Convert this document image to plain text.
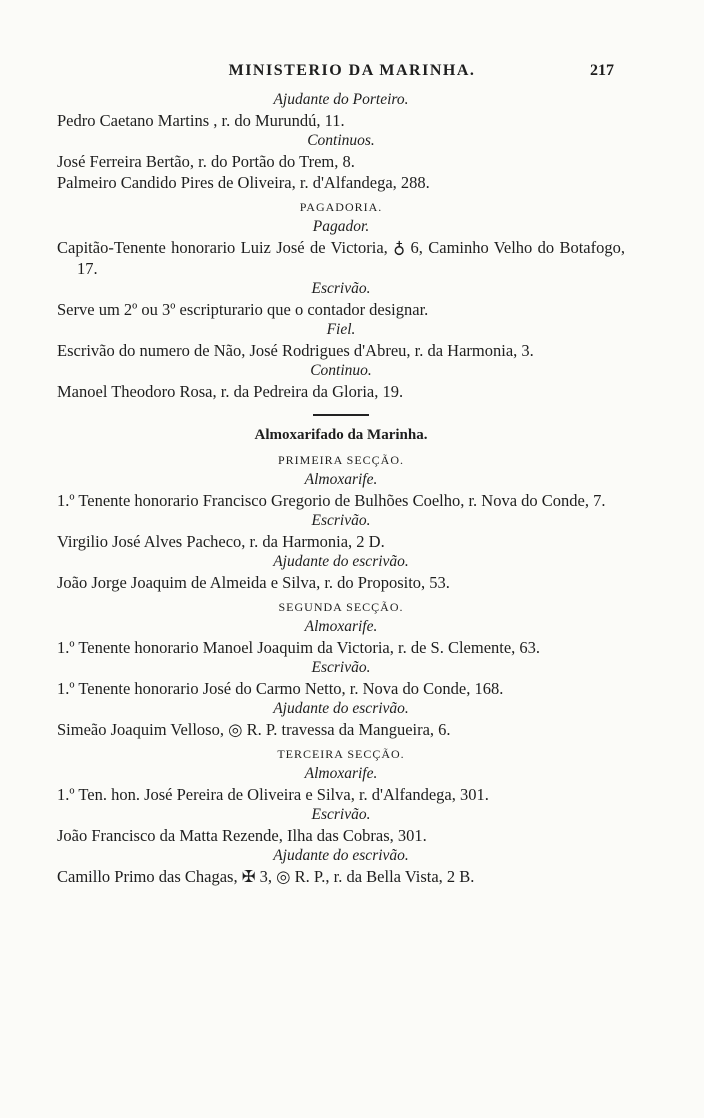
MINISTERIO DA MARINHA.	217
Ajudante do Porteiro.
Pedro Caetano Martins , r. do Murundú, 11.
Continuos.
José Ferreira Bertão, r. do Portão do Trem, 8.
Palmeiro Candido Pires de Oliveira, r. d'Alfandega, 288.
PAGADORIA.
Pagador.
Capitão-Tenente honorario Luiz José de Victoria, ♁ 6, Caminho Velho do Botafogo, 17.
Escrivão.
Serve um 2º ou 3º escripturario que o contador designar.
Fiel.
Escrivão do numero de Não, José Rodrigues d'Abreu, r. da Harmonia, 3.
Continuo.
Manoel Theodoro Rosa, r. da Pedreira da Gloria, 19.
Almoxarifado da Marinha.
PRIMEIRA SECÇÃO.
Almoxarife.
1.º Tenente honorario Francisco Gregorio de Bulhões Coelho, r. Nova do Conde, 7.
Escrivão.
Virgilio José Alves Pacheco, r. da Harmonia, 2 D.
Ajudante do escrivão.
João Jorge Joaquim de Almeida e Silva, r. do Proposito, 53.
SEGUNDA SECÇÃO.
Almoxarife.
1.º Tenente honorario Manoel Joaquim da Victoria, r. de S. Clemente, 63.
Escrivão.
1.º Tenente honorario José do Carmo Netto, r. Nova do Conde, 168.
Ajudante do escrivão.
Simeão Joaquim Velloso, ◎ R. P. travessa da Mangueira, 6.
TERCEIRA SECÇÃO.
Almoxarife.
1.º Ten. hon. José Pereira de Oliveira e Silva, r. d'Alfandega, 301.
Escrivão.
João Francisco da Matta Rezende, Ilha das Cobras, 301.
Ajudante do escrivão.
Camillo Primo das Chagas, ✠ 3, ◎ R. P., r. da Bella Vista, 2 B.
